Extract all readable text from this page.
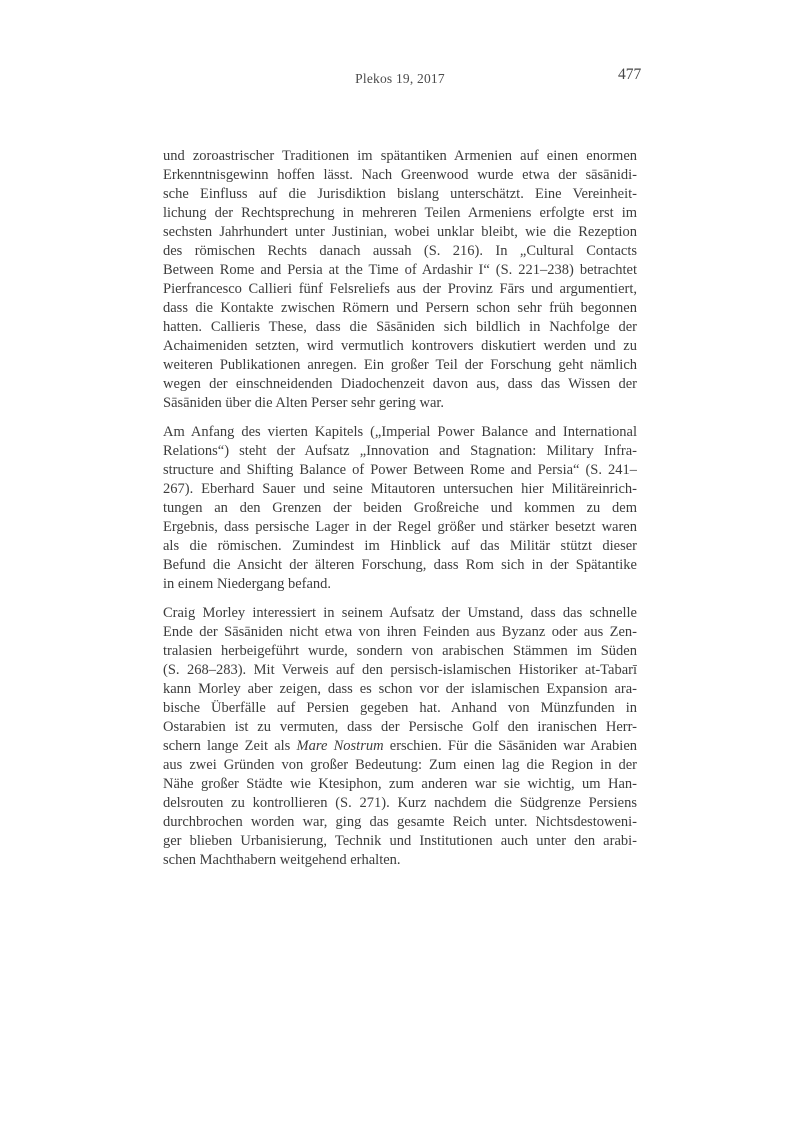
Plekos 19, 2017	477
und zoroastrischer Traditionen im spätantiken Armenien auf einen enormen
Erkenntnisgewinn hoffen lässt. Nach Greenwood wurde etwa der sāsānidi-
sche Einfluss auf die Jurisdiktion bislang unterschätzt. Eine Vereinheit-
lichung der Rechtsprechung in mehreren Teilen Armeniens erfolgte erst im
sechsten Jahrhundert unter Justinian, wobei unklar bleibt, wie die Rezeption
des römischen Rechts danach aussah (S. 216). In „Cultural Contacts
Between Rome and Persia at the Time of Ardashir I“ (S. 221–238) betrachtet
Pierfrancesco Callieri fünf Felsreliefs aus der Provinz Fārs und argumentiert,
dass die Kontakte zwischen Römern und Persern schon sehr früh begonnen
hatten. Callieris These, dass die Sāsāniden sich bildlich in Nachfolge der
Achaimeniden setzten, wird vermutlich kontrovers diskutiert werden und zu
weiteren Publikationen anregen. Ein großer Teil der Forschung geht nämlich
wegen der einschneidenden Diadochenzeit davon aus, dass das Wissen der
Sāsāniden über die Alten Perser sehr gering war.
Am Anfang des vierten Kapitels („Imperial Power Balance and International
Relations“) steht der Aufsatz „Innovation and Stagnation: Military Infra-
structure and Shifting Balance of Power Between Rome and Persia“ (S. 241–
267). Eberhard Sauer und seine Mitautoren untersuchen hier Militäreinrich-
tungen an den Grenzen der beiden Großreiche und kommen zu dem
Ergebnis, dass persische Lager in der Regel größer und stärker besetzt waren
als die römischen. Zumindest im Hinblick auf das Militär stützt dieser
Befund die Ansicht der älteren Forschung, dass Rom sich in der Spätantike
in einem Niedergang befand.
Craig Morley interessiert in seinem Aufsatz der Umstand, dass das schnelle
Ende der Sāsāniden nicht etwa von ihren Feinden aus Byzanz oder aus Zen-
tralasien herbeigeführt wurde, sondern von arabischen Stämmen im Süden
(S. 268–283). Mit Verweis auf den persisch-islamischen Historiker at-Tabarī
kann Morley aber zeigen, dass es schon vor der islamischen Expansion ara-
bische Überfälle auf Persien gegeben hat. Anhand von Münzfunden in
Ostarabien ist zu vermuten, dass der Persische Golf den iranischen Herr-
schern lange Zeit als Mare Nostrum erschien. Für die Sāsāniden war Arabien
aus zwei Gründen von großer Bedeutung: Zum einen lag die Region in der
Nähe großer Städte wie Ktesiphon, zum anderen war sie wichtig, um Han-
delsrouten zu kontrollieren (S. 271). Kurz nachdem die Südgrenze Persiens
durchbrochen worden war, ging das gesamte Reich unter. Nichtsdestoweni-
ger blieben Urbanisierung, Technik und Institutionen auch unter den arabi-
schen Machthabern weitgehend erhalten.
